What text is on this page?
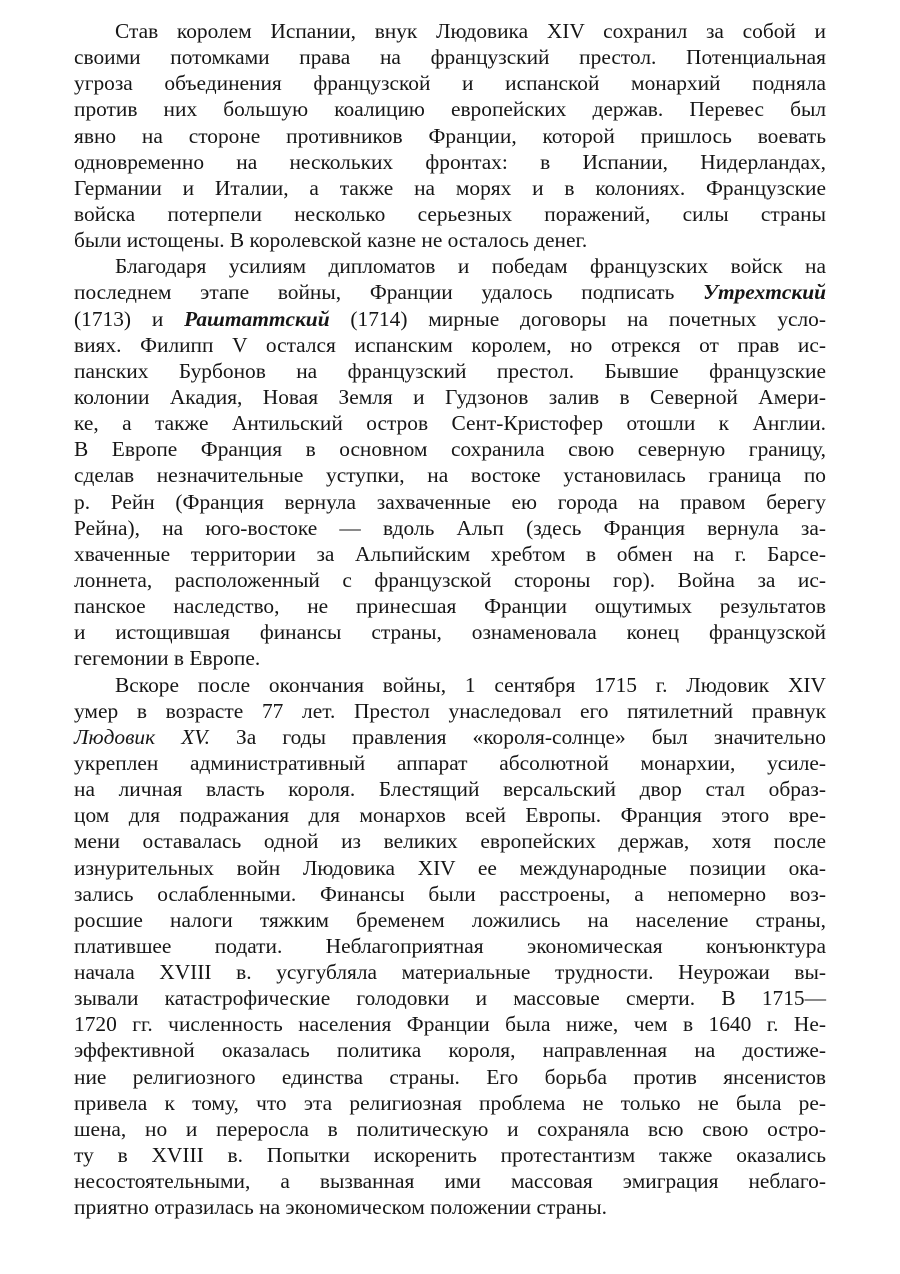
Став королем Испании, внук Людовика XIV сохранил за собой и
своими потомками права на французский престол. Потенциальная
угроза объединения французской и испанской монархий подняла
против них большую коалицию европейских держав. Перевес был
явно на стороне противников Франции, которой пришлось воевать
одновременно на нескольких фронтах: в Испании, Нидерландах,
Германии и Италии, а также на морях и в колониях. Французские
войска потерпели несколько серьезных поражений, силы страны
были истощены. В королевской казне не осталось денег.
Благодаря усилиям дипломатов и победам французских войск на
последнем этапе войны, Франции удалось подписать Утрехтский
(1713) и Раштаттский (1714) мирные договоры на почетных усло-
виях. Филипп V остался испанским королем, но отрекся от прав ис-
панских Бурбонов на французский престол. Бывшие французские
колонии Акадия, Новая Земля и Гудзонов залив в Северной Амери-
ке, а также Антильский остров Сент-Кристофер отошли к Англии.
В Европе Франция в основном сохранила свою северную границу,
сделав незначительные уступки, на востоке установилась граница по
р. Рейн (Франция вернула захваченные ею города на правом берегу
Рейна), на юго-востоке — вдоль Альп (здесь Франция вернула за-
хваченные территории за Альпийским хребтом в обмен на г. Барсе-
лоннета, расположенный с французской стороны гор). Война за ис-
панское наследство, не принесшая Франции ощутимых результатов
и истощившая финансы страны, ознаменовала конец французской
гегемонии в Европе.
Вскоре после окончания войны, 1 сентября 1715 г. Людовик XIV
умер в возрасте 77 лет. Престол унаследовал его пятилетний правнук
Людовик XV. За годы правления «короля-солнце» был значительно
укреплен административный аппарат абсолютной монархии, усиле-
на личная власть короля. Блестящий версальский двор стал образ-
цом для подражания для монархов всей Европы. Франция этого вре-
мени оставалась одной из великих европейских держав, хотя после
изнурительных войн Людовика XIV ее международные позиции ока-
зались ослабленными. Финансы были расстроены, а непомерно воз-
росшие налоги тяжким бременем ложились на население страны,
платившее подати. Неблагоприятная экономическая конъюнктура
начала XVIII в. усугубляла материальные трудности. Неурожаи вы-
зывали катастрофические голодовки и массовые смерти. В 1715—
1720 гг. численность населения Франции была ниже, чем в 1640 г. Не-
эффективной оказалась политика короля, направленная на достиже-
ние религиозного единства страны. Его борьба против янсенистов
привела к тому, что эта религиозная проблема не только не была ре-
шена, но и переросла в политическую и сохраняла всю свою остро-
ту в XVIII в. Попытки искоренить протестантизм также оказались
несостоятельными, а вызванная ими массовая эмиграция неблаго-
приятно отразилась на экономическом положении страны.
